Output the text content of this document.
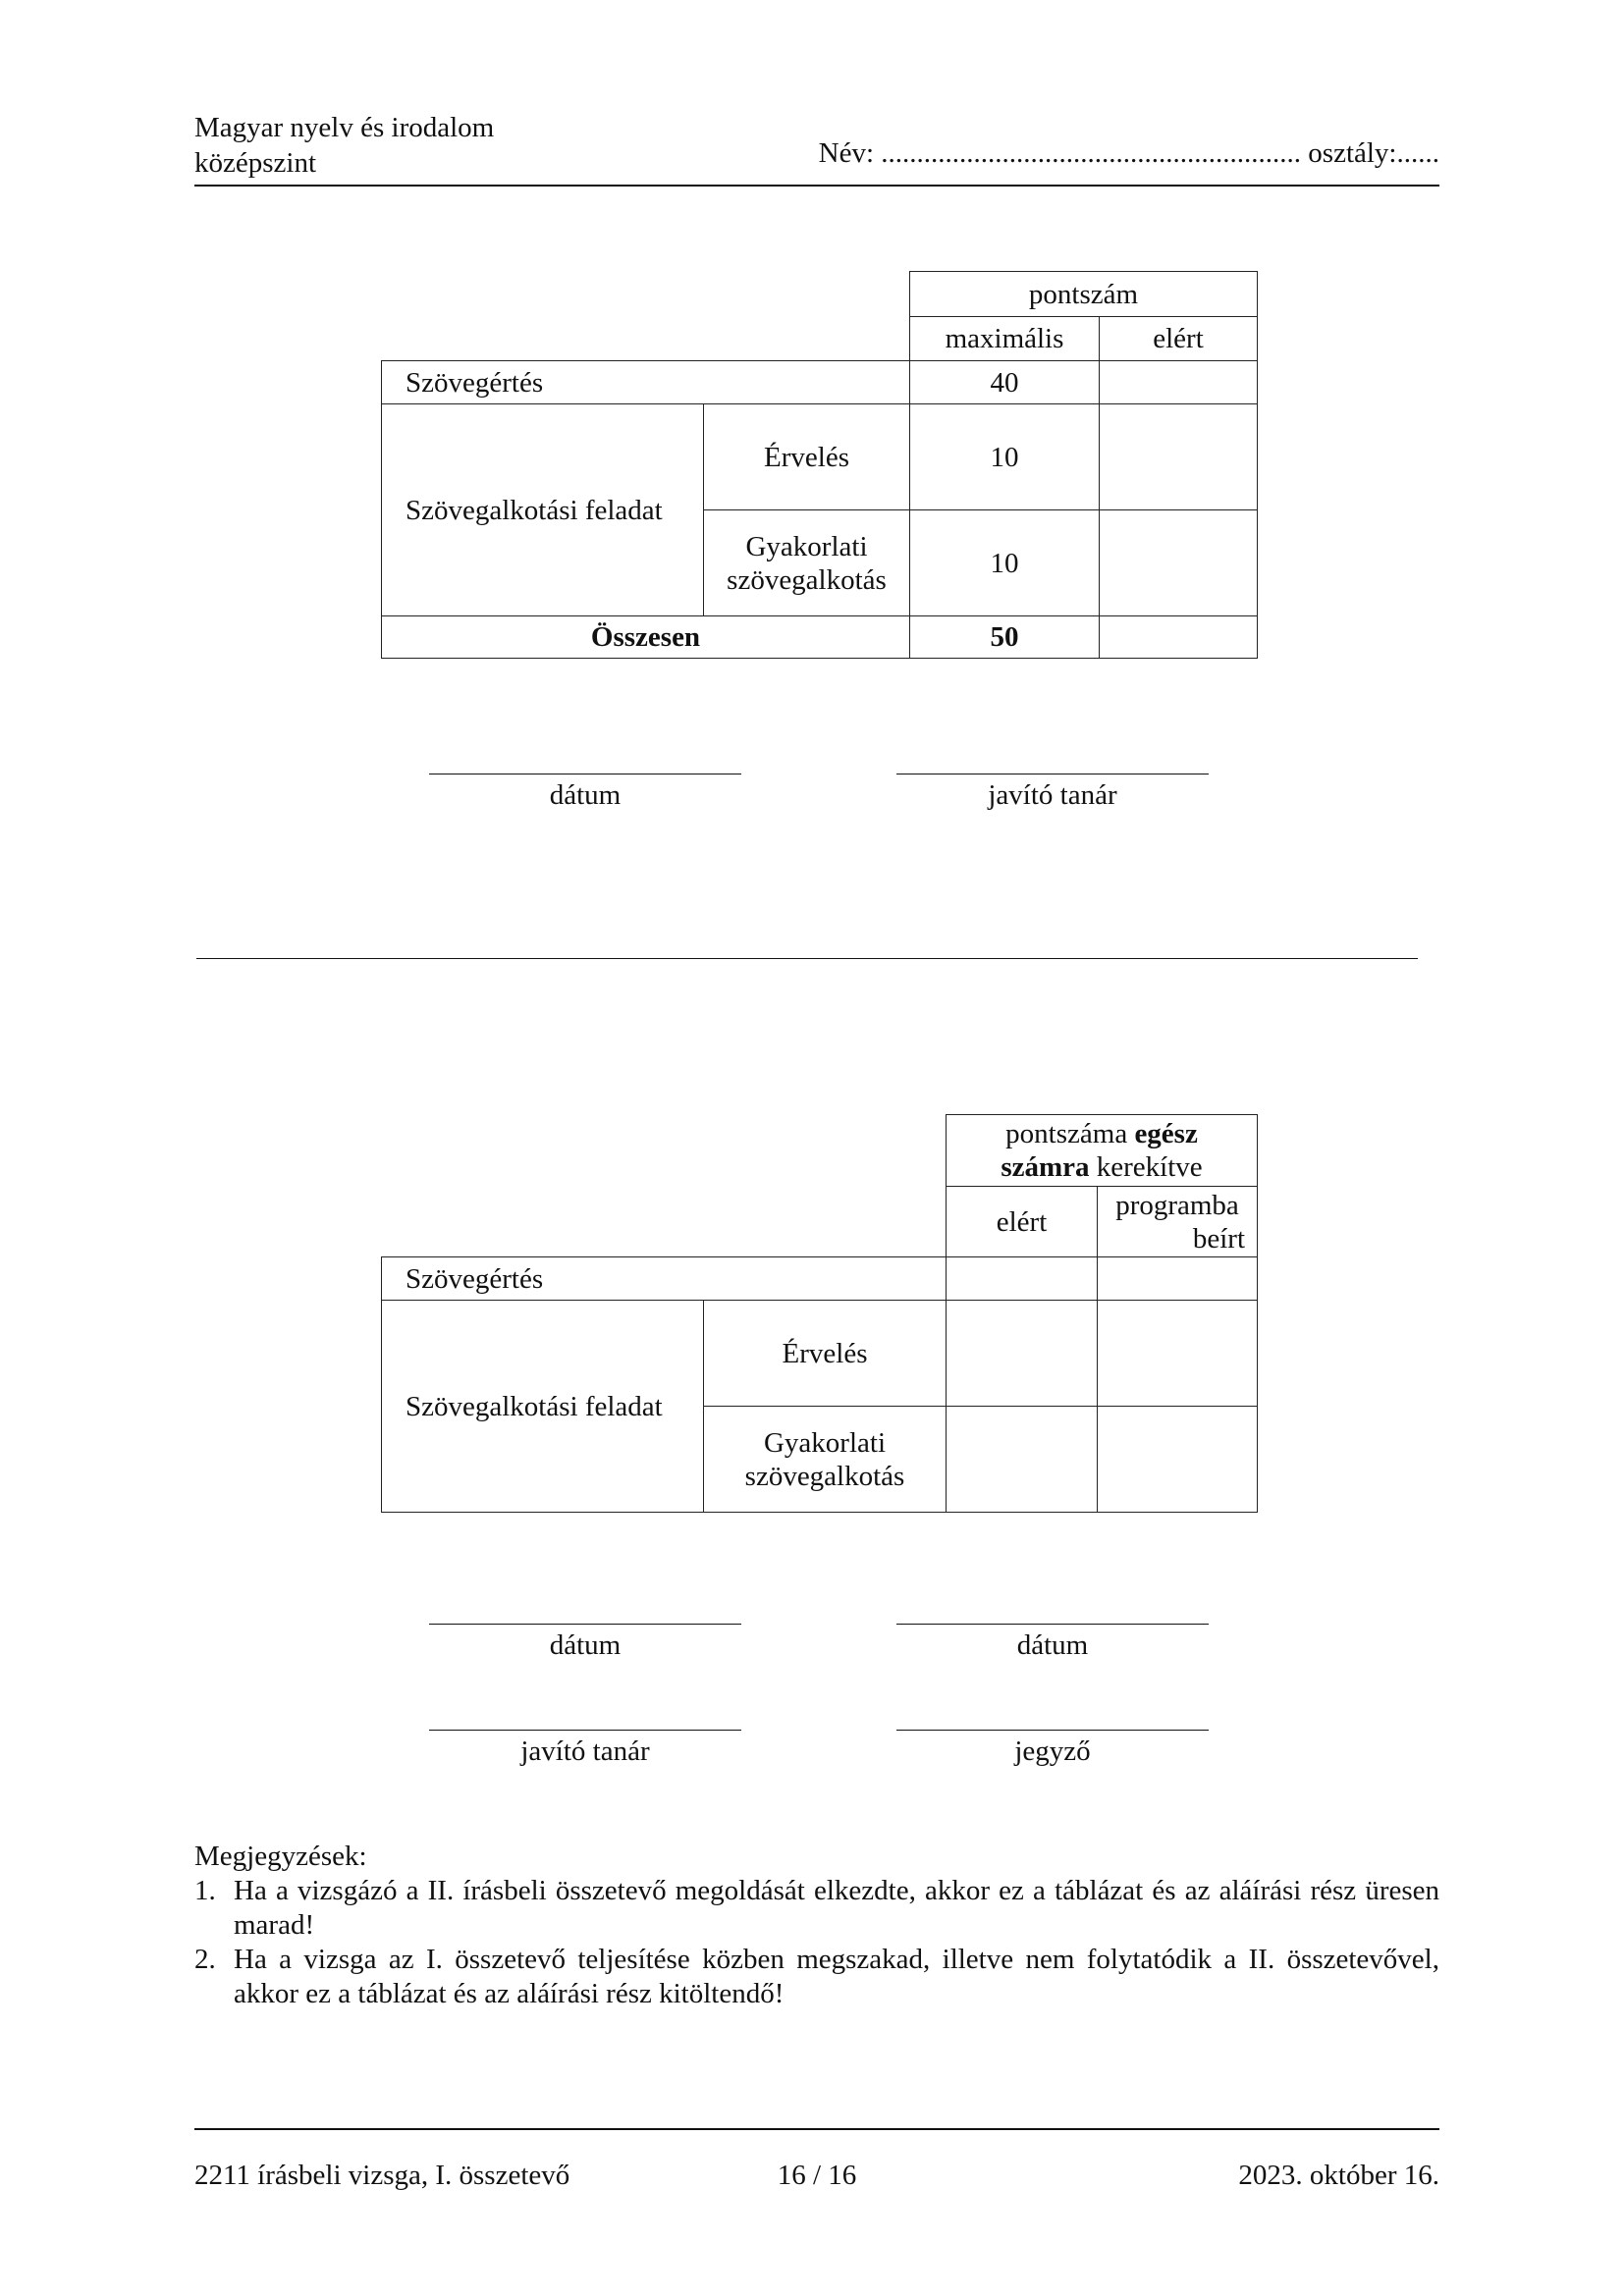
Magyar nyelv és irodalom
középszint	Név: ........................................................... osztály:......
		pontszám	
		maximális	elért
Szövegértés		40	
Szövegalkotási feladat	Érvelés	10	

	Gyakorlati
szövegalkotás	10	
Összesen		50	
dátum	javító tanár
		pontszáma egész
számra kerekítve	
		elért	programba
beírt

Szövegértés			
Szövegalkotási feladat	Érvelés		

	Gyakorlati
szövegalkotás		

dátum	dátum
javító tanár	jegyző
Megjegyzések:
1. Ha a vizsgázó a II. írásbeli összetevő megoldását elkezdte, akkor ez a táblázat és az aláírási rész üresen marad!
2. Ha a vizsga az I. összetevő teljesítése közben megszakad, illetve nem folytatódik a II. összetevővel, akkor ez a táblázat és az aláírási rész kitöltendő!
2211 írásbeli vizsga, I. összetevő	16 / 16	2023. október 16.
